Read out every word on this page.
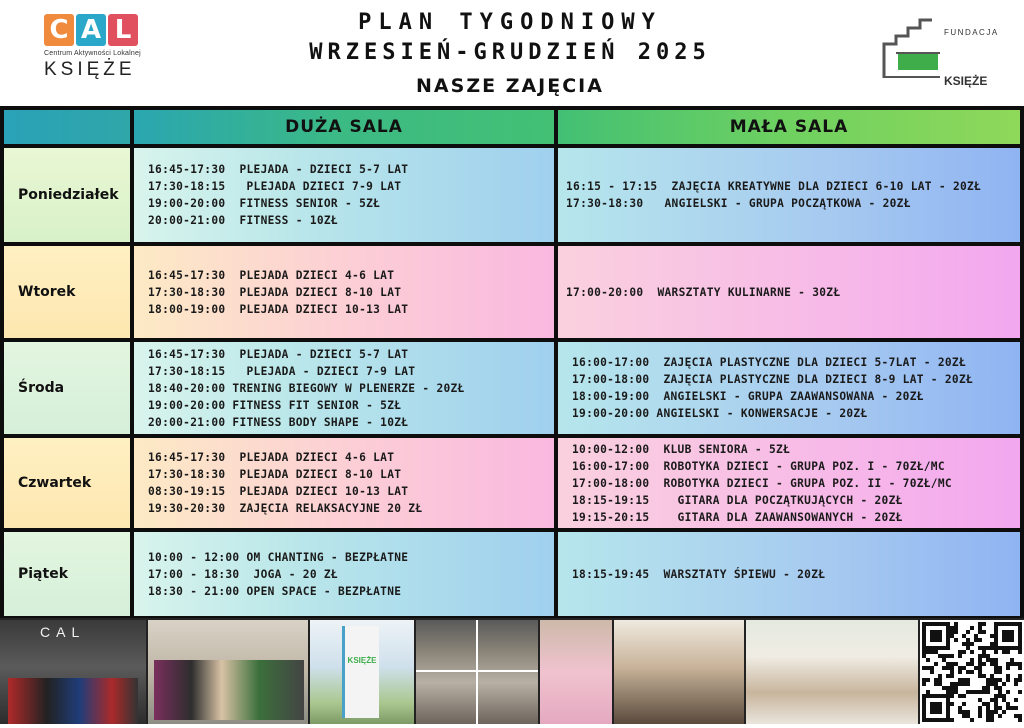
C A L
Centrum Aktywności Lokalnej
KSIĘŻE
PLAN TYGODNIOWY
WRZESIEŃ-GRUDZIEŃ 2025
NASZE ZAJĘCIA
FUNDACJA
KSIĘŻE
DUŻA SALA	MAŁA SALA
Poniedziałek
16:45-17:30  PLEJADA - DZIECI 5-7 LAT
17:30-18:15   PLEJADA DZIECI 7-9 LAT
19:00-20:00  FITNESS SENIOR - 5ZŁ
20:00-21:00  FITNESS - 10ZŁ
16:15 - 17:15  ZAJĘCIA KREATYWNE DLA DZIECI 6-10 LAT - 20ZŁ
17:30-18:30   ANGIELSKI - GRUPA POCZĄTKOWA - 20ZŁ
Wtorek
16:45-17:30  PLEJADA DZIECI 4-6 LAT
17:30-18:30  PLEJADA DZIECI 8-10 LAT
18:00-19:00  PLEJADA DZIECI 10-13 LAT
17:00-20:00  WARSZTATY KULINARNE - 30ZŁ
Środa
16:45-17:30  PLEJADA - DZIECI 5-7 LAT
17:30-18:15   PLEJADA - DZIECI 7-9 LAT
18:40-20:00 TRENING BIEGOWY W PLENERZE - 20ZŁ
19:00-20:00 FITNESS FIT SENIOR - 5ZŁ
20:00-21:00 FITNESS BODY SHAPE - 10ZŁ
16:00-17:00  ZAJĘCIA PLASTYCZNE DLA DZIECI 5-7LAT - 20ZŁ
17:00-18:00  ZAJĘCIA PLASTYCZNE DLA DZIECI 8-9 LAT - 20ZŁ
18:00-19:00  ANGIELSKI - GRUPA ZAAWANSOWANA - 20ZŁ
19:00-20:00 ANGIELSKI - KONWERSACJE - 20ZŁ
Czwartek
16:45-17:30  PLEJADA DZIECI 4-6 LAT
17:30-18:30  PLEJADA DZIECI 8-10 LAT
08:30-19:15  PLEJADA DZIECI 10-13 LAT
19:30-20:30  ZAJĘCIA RELAKSACYJNE 20 ZŁ
10:00-12:00  KLUB SENIORA - 5ZŁ
16:00-17:00  ROBOTYKA DZIECI - GRUPA POZ. I - 70ZŁ/MC
17:00-18:00  ROBOTYKA DZIECI - GRUPA POZ. II - 70ZŁ/MC
18:15-19:15    GITARA DLA POCZĄTKUJĄCYCH - 20ZŁ
19:15-20:15    GITARA DLA ZAAWANSOWANYCH - 20ZŁ
Piątek
10:00 - 12:00 OM CHANTING - BEZPŁATNE
17:00 - 18:30  JOGA - 20 ZŁ
18:30 - 21:00 OPEN SPACE - BEZPŁATNE
18:15-19:45  WARSZTATY ŚPIEWU - 20ZŁ
CAL
KSIĘŻE
